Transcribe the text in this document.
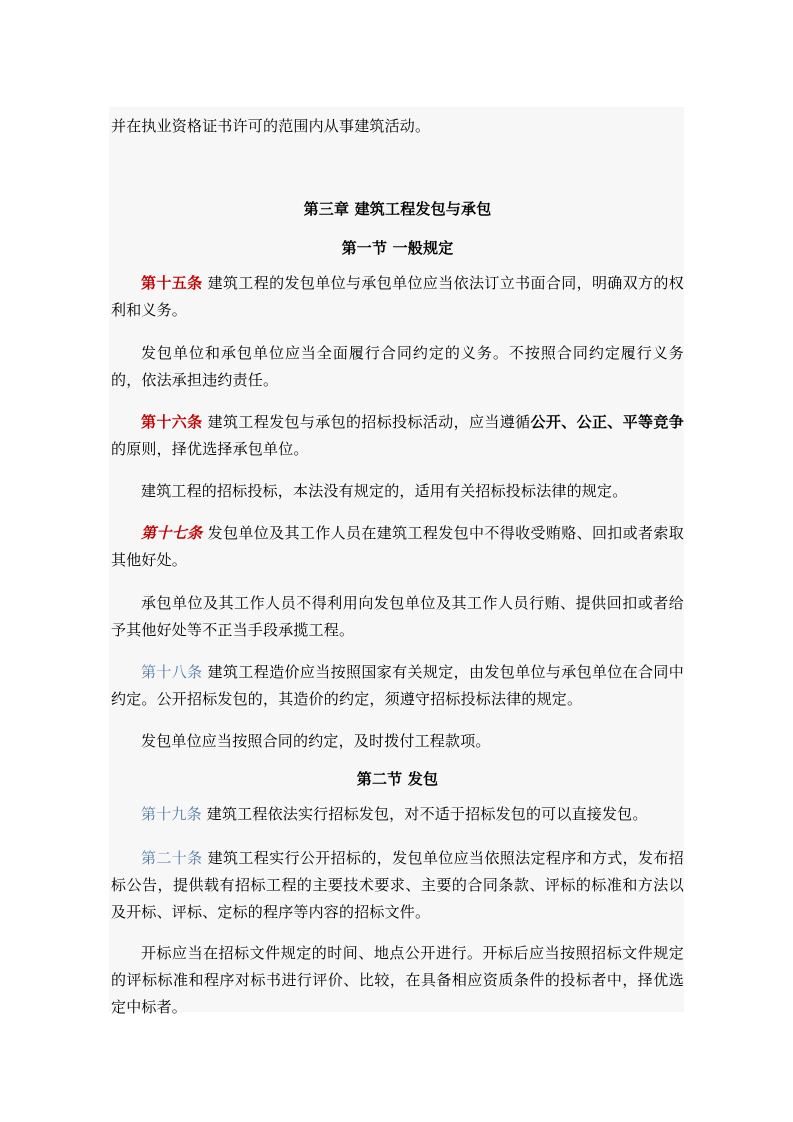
并在执业资格证书许可的范围内从事建筑活动。

第三章 建筑工程发包与承包

第一节 一般规定

第十五条 建筑工程的发包单位与承包单位应当依法订立书面合同，明确双方的权利和义务。

发包单位和承包单位应当全面履行合同约定的义务。不按照合同约定履行义务的，依法承担违约责任。

第十六条 建筑工程发包与承包的招标投标活动，应当遵循公开、公正、平等竞争的原则，择优选择承包单位。

建筑工程的招标投标，本法没有规定的，适用有关招标投标法律的规定。

第十七条 发包单位及其工作人员在建筑工程发包中不得收受贿赂、回扣或者索取其他好处。

承包单位及其工作人员不得利用向发包单位及其工作人员行贿、提供回扣或者给予其他好处等不正当手段承揽工程。

第十八条 建筑工程造价应当按照国家有关规定，由发包单位与承包单位在合同中约定。公开招标发包的，其造价的约定，须遵守招标投标法律的规定。

发包单位应当按照合同的约定，及时拨付工程款项。

第二节 发包

第十九条 建筑工程依法实行招标发包，对不适于招标发包的可以直接发包。

第二十条 建筑工程实行公开招标的，发包单位应当依照法定程序和方式，发布招标公告，提供载有招标工程的主要技术要求、主要的合同条款、评标的标准和方法以及开标、评标、定标的程序等内容的招标文件。

开标应当在招标文件规定的时间、地点公开进行。开标后应当按照招标文件规定的评标标准和程序对标书进行评价、比较，在具备相应资质条件的投标者中，择优选定中标者。
